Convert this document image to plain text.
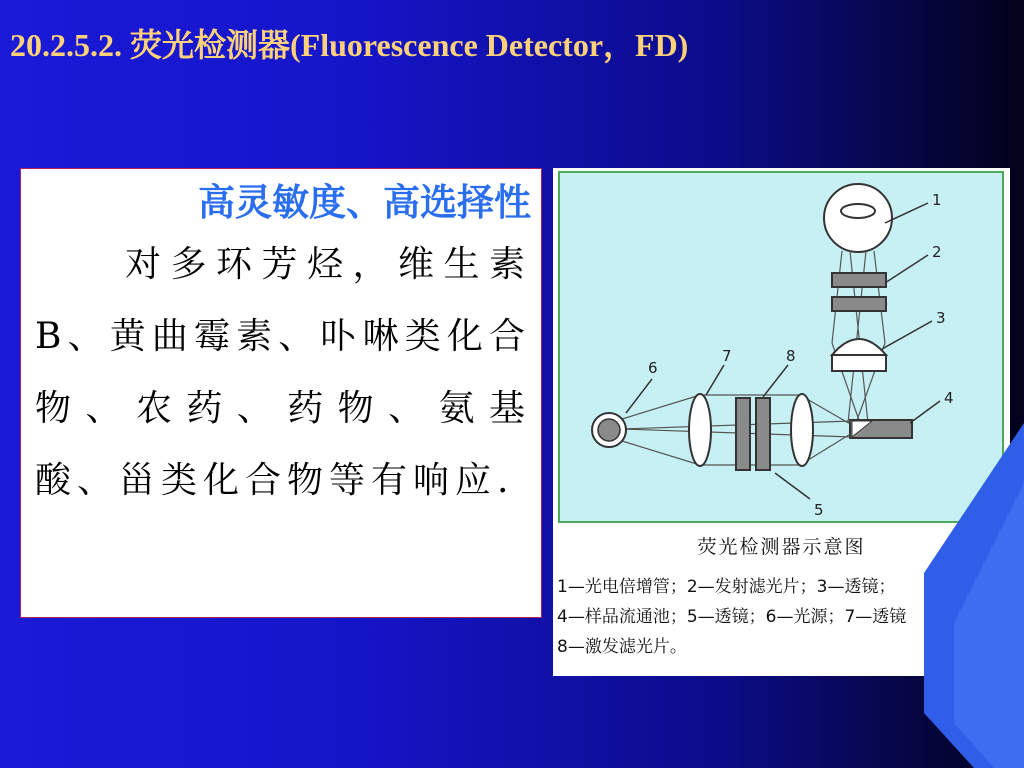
20.2.5.2. 荧光检测器(Fluorescence Detector，FD)

高灵敏度、高选择性

对多环芳烃，维生素B、黄曲霉素、卟啉类化合物、农药、药物、氨基酸、甾类化合物等有响应.

1
2
3
4
5
6
7	8
荧光检测器示意图
1—光电倍增管；2—发射滤光片；3—透镜；
4—样品流通池；5—透镜；6—光源；7—透镜
8—激发滤光片。
